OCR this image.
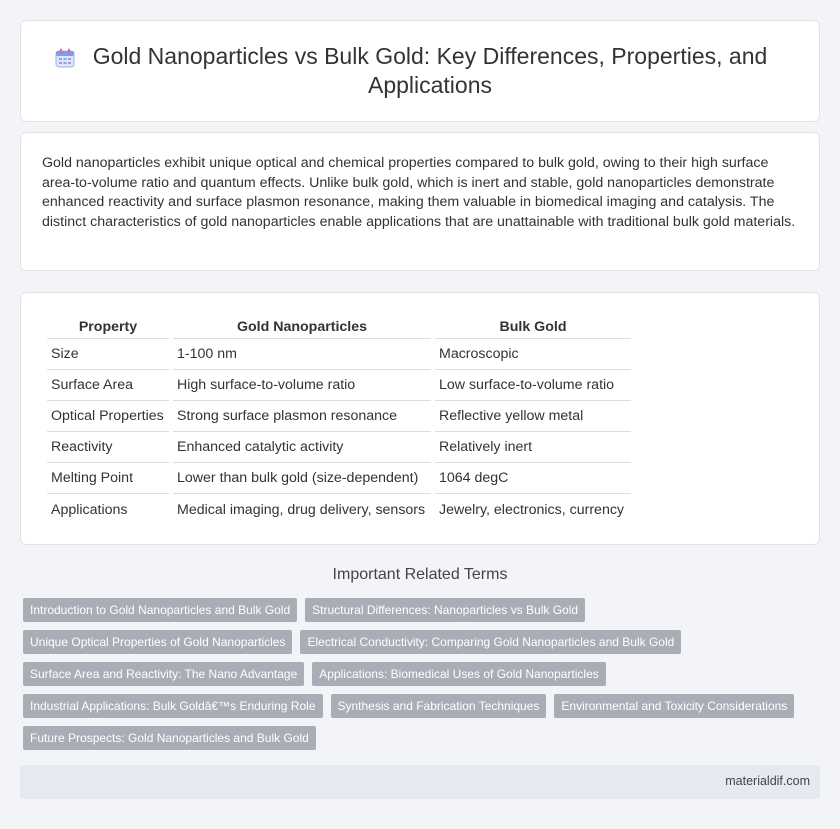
Gold Nanoparticles vs Bulk Gold: Key Differences, Properties, and Applications

Gold nanoparticles exhibit unique optical and chemical properties compared to bulk gold, owing to their high surface area-to-volume ratio and quantum effects. Unlike bulk gold, which is inert and stable, gold nanoparticles demonstrate enhanced reactivity and surface plasmon resonance, making them valuable in biomedical imaging and catalysis. The distinct characteristics of gold nanoparticles enable applications that are unattainable with traditional bulk gold materials.

Property	Gold Nanoparticles	Bulk Gold
Size	1-100 nm	Macroscopic
Surface Area	High surface-to-volume ratio	Low surface-to-volume ratio
Optical Properties	Strong surface plasmon resonance	Reflective yellow metal
Reactivity	Enhanced catalytic activity	Relatively inert
Melting Point	Lower than bulk gold (size-dependent)	1064 degC
Applications	Medical imaging, drug delivery, sensors	Jewelry, electronics, currency
Important Related Terms
Introduction to Gold Nanoparticles and Bulk Gold	Structural Differences: Nanoparticles vs Bulk Gold
Unique Optical Properties of Gold Nanoparticles	Electrical Conductivity: Comparing Gold Nanoparticles and Bulk Gold
Surface Area and Reactivity: The Nano Advantage	Applications: Biomedical Uses of Gold Nanoparticles
Industrial Applications: Bulk Goldâ€™s Enduring Role	Synthesis and Fabrication Techniques	Environmental and Toxicity Considerations
Future Prospects: Gold Nanoparticles and Bulk Gold
materialdif.com
